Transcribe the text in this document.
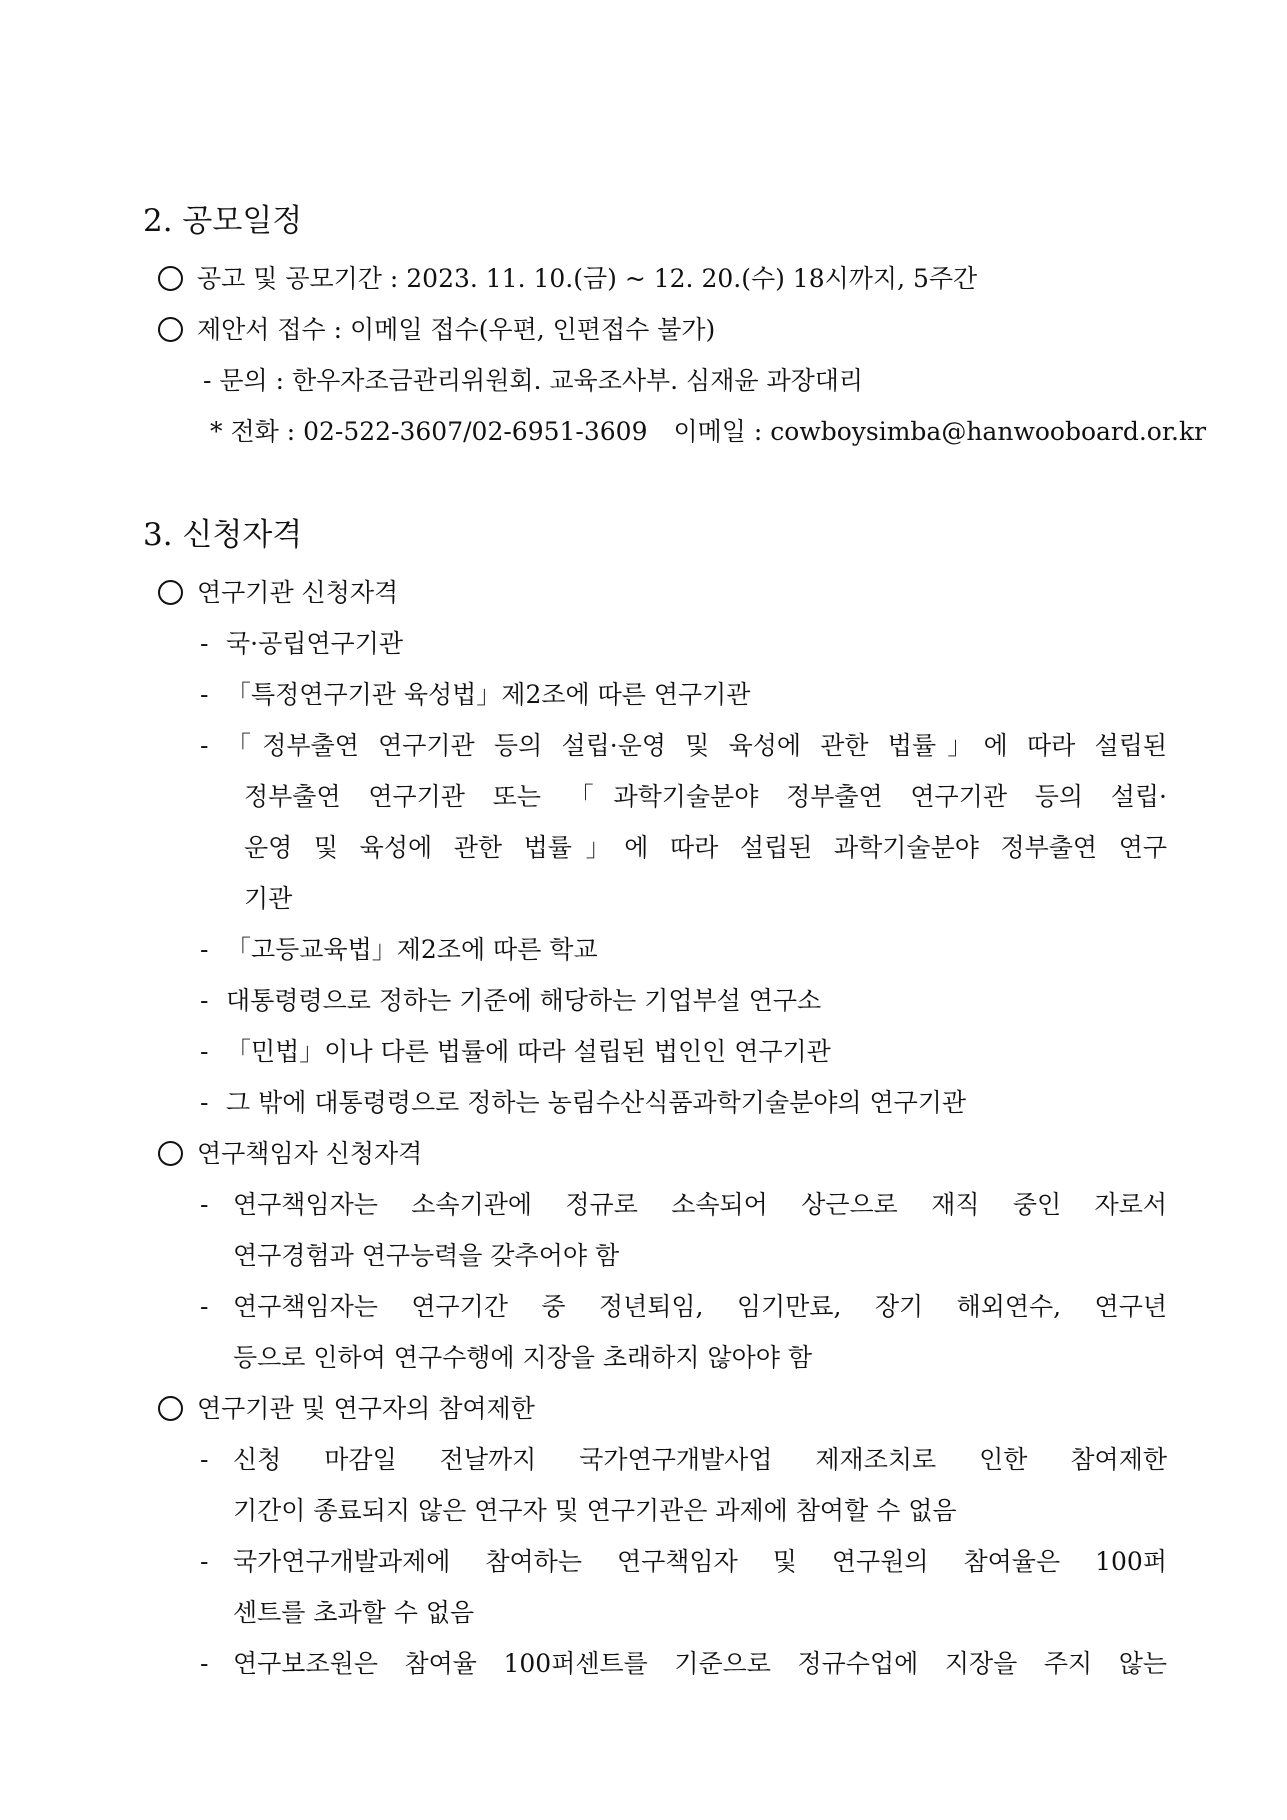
2. 공모일정
공고 및 공모기간 : 2023. 11. 10.(금) ~ 12. 20.(수) 18시까지, 5주간
제안서 접수 : 이메일 접수(우편, 인편접수 불가)
- 문의 : 한우자조금관리위원회. 교육조사부. 심재윤 과장대리
* 전화 : 02-522-3607/02-6951-3609 이메일 : cowboysimba@hanwooboard.or.kr
3. 신청자격
연구기관 신청자격
- 국·공립연구기관
- 「특정연구기관 육성법」제2조에 따른 연구기관
- 「정부출연 연구기관 등의 설립·운영 및 육성에 관한 법률」에 따라 설립된
정부출연 연구기관 또는 「과학기술분야 정부출연 연구기관 등의 설립·
운영 및 육성에 관한 법률」에 따라 설립된 과학기술분야 정부출연 연구
기관
- 「고등교육법」제2조에 따른 학교
- 대통령령으로 정하는 기준에 해당하는 기업부설 연구소
- 「민법」이나 다른 법률에 따라 설립된 법인인 연구기관
- 그 밖에 대통령령으로 정하는 농림수산식품과학기술분야의 연구기관
연구책임자 신청자격
- 연구책임자는 소속기관에 정규로 소속되어 상근으로 재직 중인 자로서
연구경험과 연구능력을 갖추어야 함
- 연구책임자는 연구기간 중 정년퇴임, 임기만료, 장기 해외연수, 연구년
등으로 인하여 연구수행에 지장을 초래하지 않아야 함
연구기관 및 연구자의 참여제한
- 신청 마감일 전날까지 국가연구개발사업 제재조치로 인한 참여제한
기간이 종료되지 않은 연구자 및 연구기관은 과제에 참여할 수 없음
- 국가연구개발과제에 참여하는 연구책임자 및 연구원의 참여율은 100퍼
센트를 초과할 수 없음
- 연구보조원은 참여율 100퍼센트를 기준으로 정규수업에 지장을 주지 않는
